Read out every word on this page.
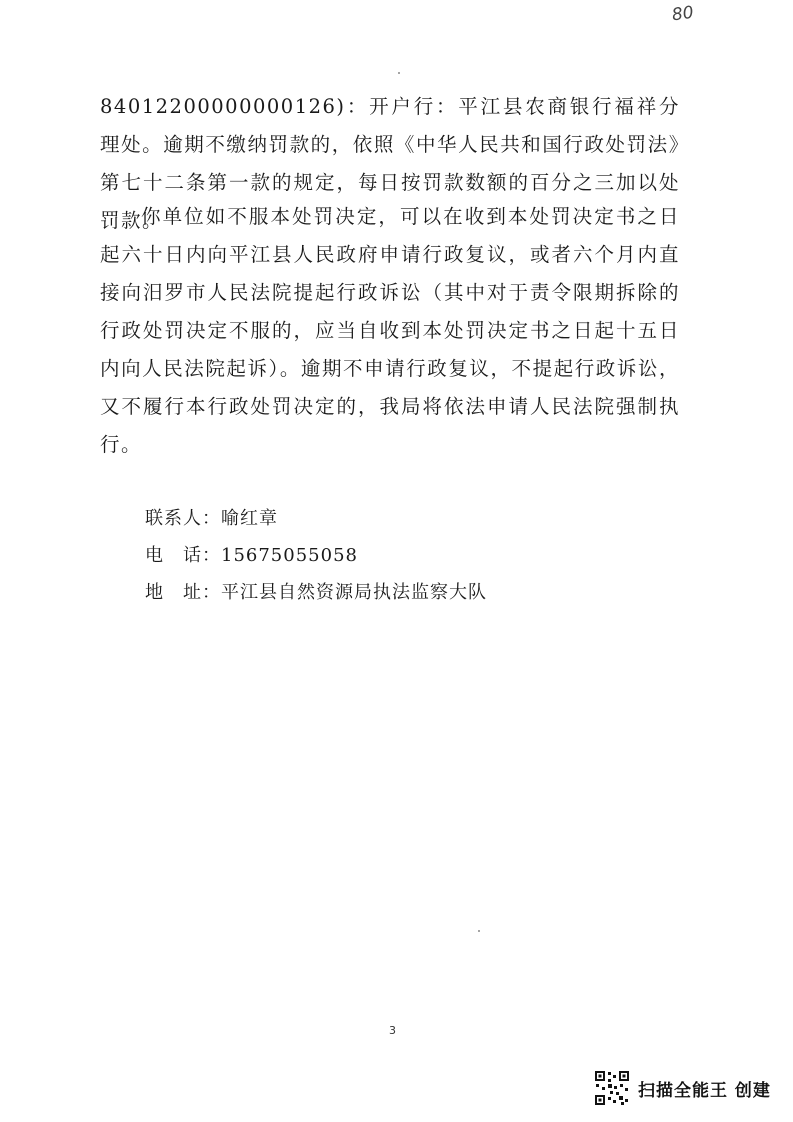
80

84012200000000126)：开户行：平江县农商银行福祥分理处。逾期不缴纳罚款的，依照《中华人民共和国行政处罚法》第七十二条第一款的规定，每日按罚款数额的百分之三加以处罚款。

你单位如不服本处罚决定，可以在收到本处罚决定书之日起六十日内向平江县人民政府申请行政复议，或者六个月内直接向汨罗市人民法院提起行政诉讼（其中对于责令限期拆除的行政处罚决定不服的，应当自收到本处罚决定书之日起十五日内向人民法院起诉）。逾期不申请行政复议，不提起行政诉讼，又不履行本行政处罚决定的，我局将依法申请人民法院强制执行。

联系人：喻红章
电　话：15675055058
地　址：平江县自然资源局执法监察大队
3
扫描全能王 创建
